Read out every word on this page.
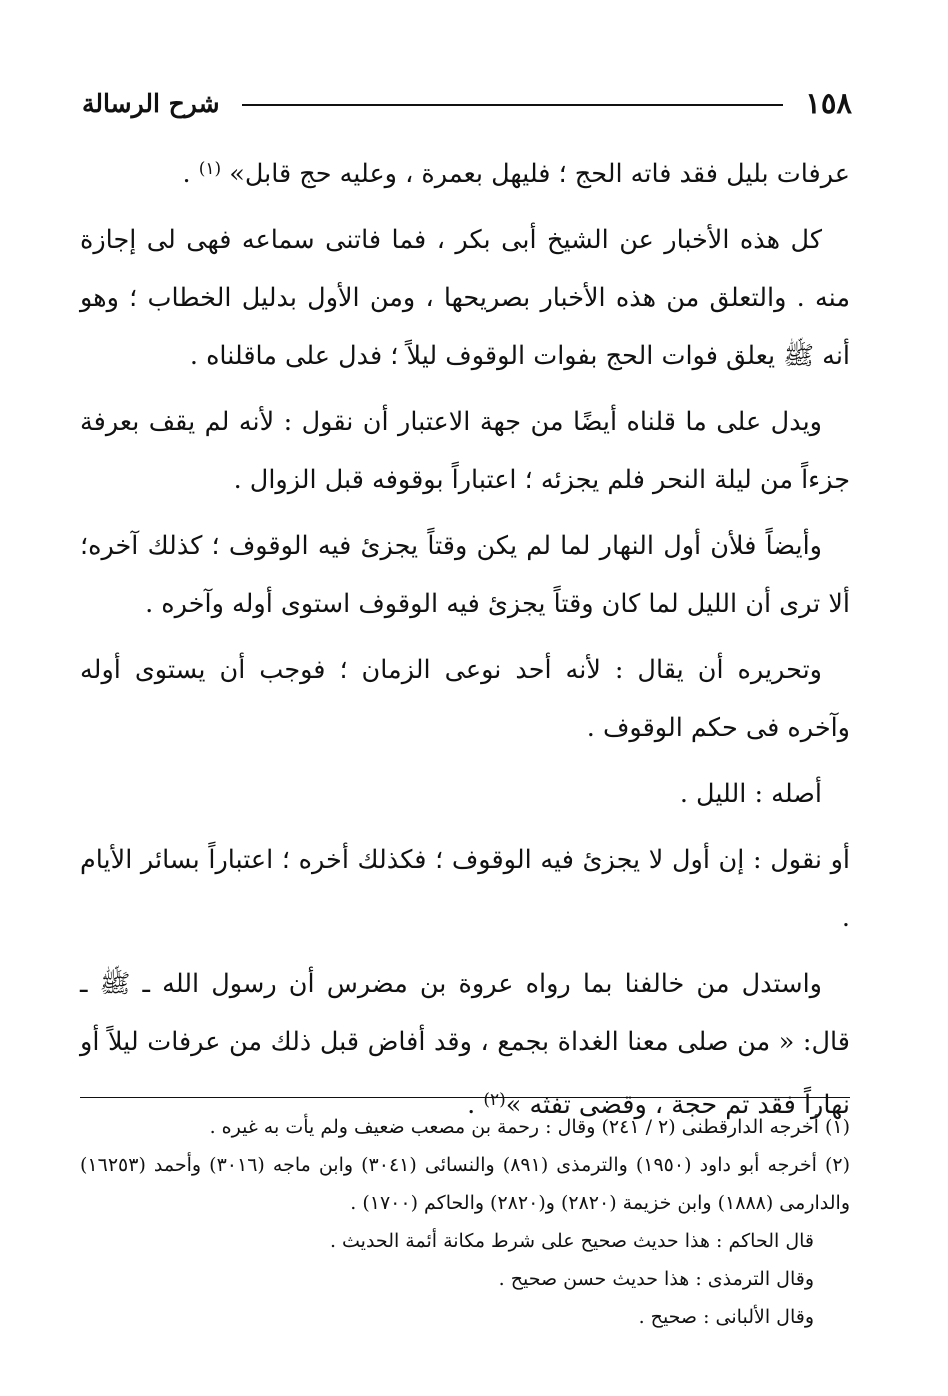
١٥٨
شرح الرسالة

عرفات بليل فقد فاته الحج ؛ فليهل بعمرة ، وعليه حج قابل» $^{(١)}$ .

كل هذه الأخبار عن الشيخ أبى بكر ، فما فاتنى سماعه فهى لى إجازة منه . والتعلق من هذه الأخبار بصريحها ، ومن الأول بدليل الخطاب ؛ وهو أنه ﷺ يعلق فوات الحج بفوات الوقوف ليلاً ؛ فدل على ماقلناه .

ويدل على ما قلناه أيضًا من جهة الاعتبار أن نقول : لأنه لم يقف بعرفة جزءاً من ليلة النحر فلم يجزئه ؛ اعتباراً بوقوفه قبل الزوال .

وأيضاً فلأن أول النهار لما لم يكن وقتاً يجزئ فيه الوقوف ؛ كذلك آخره؛ ألا ترى أن الليل لما كان وقتاً يجزئ فيه الوقوف استوى أوله وآخره .

وتحريره أن يقال : لأنه أحد نوعى الزمان ؛ فوجب أن يستوى أوله وآخره فى حكم الوقوف .

أصله : الليل .

أو نقول : إن أول لا يجزئ فيه الوقوف ؛ فكذلك أخره ؛ اعتباراً بسائر الأيام .

واستدل من خالفنا بما رواه عروة بن مضرس أن رسول الله ـ ﷺ ـ قال: « من صلى معنا الغداة بجمع ، وقد أفاض قبل ذلك من عرفات ليلاً أو نهاراً فقد تم حجة ، وقضى تفثه »$^{(٢)}$ .

(١) أخرجه الدارقطنى (٢ / ٢٤١) وقال : رحمة بن مصعب ضعيف ولم يأت به غيره .

(٢) أخرجه أبو داود (١٩٥٠) والترمذى (٨٩١) والنسائى (٣٠٤١) وابن ماجه (٣٠١٦) وأحمد (١٦٢٥٣) والدارمى (١٨٨٨) وابن خزيمة (٢٨٢٠) و(٢٨٢٠) والحاكم (١٧٠٠) .

قال الحاكم : هذا حديث صحيح على شرط مكانة أئمة الحديث .

وقال الترمذى : هذا حديث حسن صحيح .

وقال الألبانى : صحيح .
